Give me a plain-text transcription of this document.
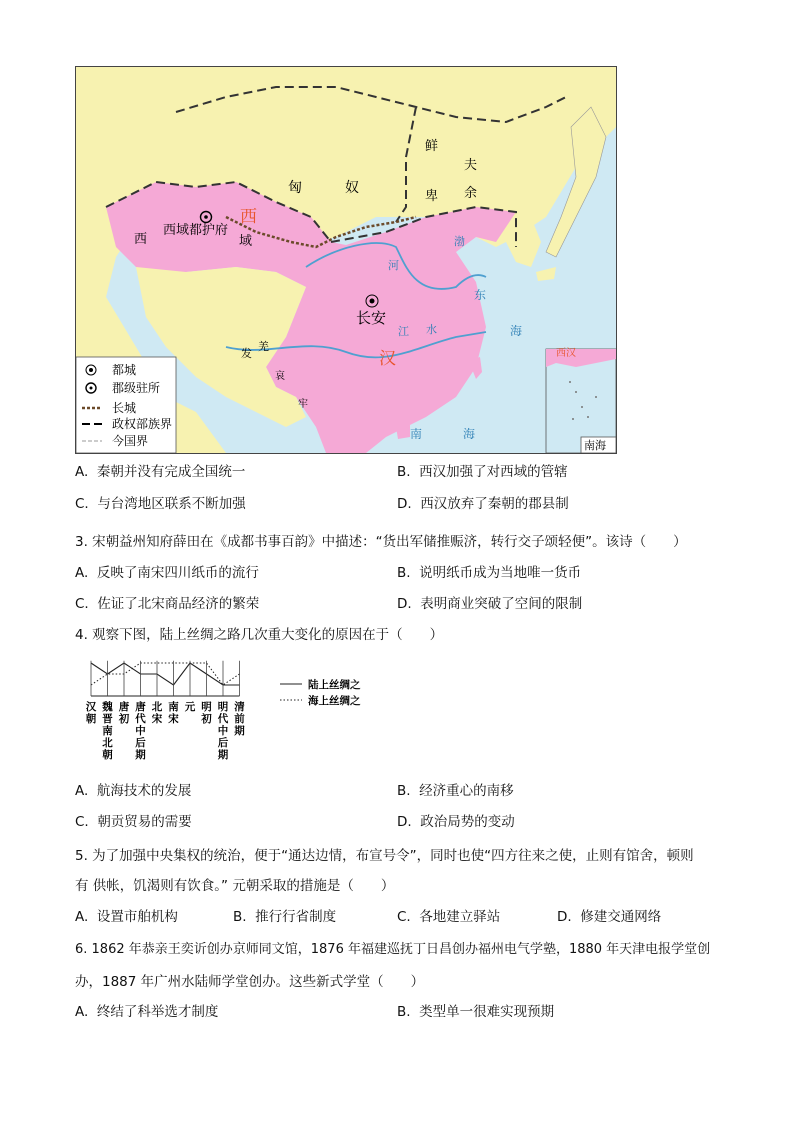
匈	奴
鲜
卑
夫
余
西
域
西
西域都护府
长安
汉
河
江 水
东
海
南	海
渤
发
羌
哀
牢
西汉
南海
都城
郡级驻所
长城
政权部族界
今国界
A. 秦朝并没有完成全国统一	B. 西汉加强了对西域的管辖
C. 与台湾地区联系不断加强	D. 西汉放弃了秦朝的郡县制
3. 宋朝益州知府薛田在《成都书事百韵》中描述：“货出军储推赈济，转行交子颂轻便”。该诗（　　）
A. 反映了南宋四川纸币的流行	B. 说明纸币成为当地唯一货币
C. 佐证了北宋商品经济的繁荣	D. 表明商业突破了空间的限制
4. 观察下图，陆上丝绸之路几次重大变化的原因在于（　　）
汉朝
魏晋南北朝
唐初
唐代中后期
北宋
南宋
元 明初
明代中后期
清前期
陆上丝绸之
海上丝绸之
A. 航海技术的发展	B. 经济重心的南移
C. 朝贡贸易的需要	D. 政治局势的变动
5. 为了加强中央集权的统治，便于“通达边情，布宣号令”，同时也使“四方往来之使，止则有馆舍，顿则
有 供帐，饥渴则有饮食。” 元朝采取的措施是（　　）
A. 设置市舶机构	B. 推行行省制度	C. 各地建立驿站	D. 修建交通网络
6. 1862 年恭亲王奕䜣创办京师同文馆，1876 年福建巡抚丁日昌创办福州电气学塾，1880 年天津电报学堂创
办，1887 年广州水陆师学堂创办。这些新式学堂（　　）
A. 终结了科举选才制度	B. 类型单一很难实现预期
